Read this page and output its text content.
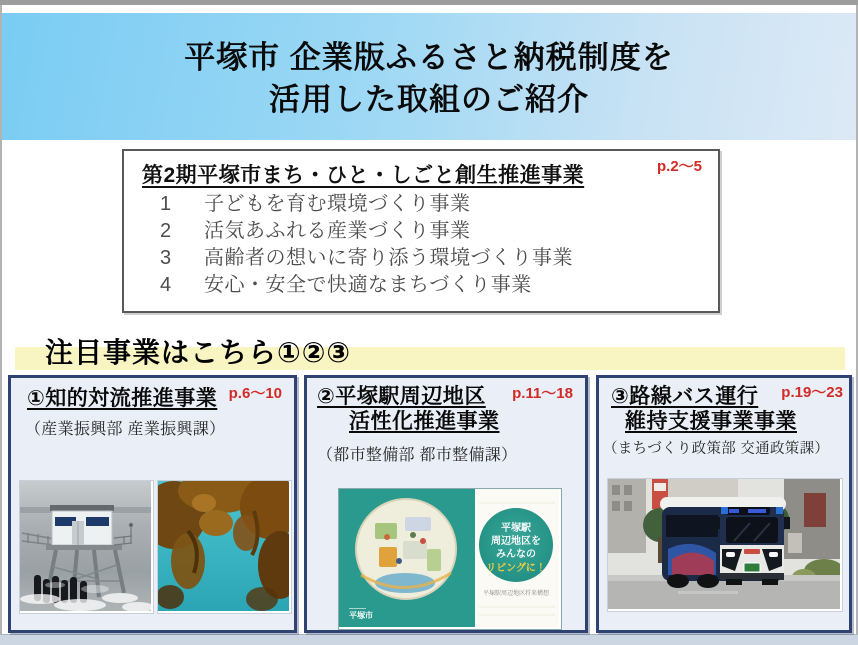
平塚市 企業版ふるさと納税制度を
活用した取組のご紹介
第2期平塚市まち・ひと・しごと創生推進事業	p.2～5
1 子どもを育む環境づくり事業
2 活気あふれる産業づくり事業
3 高齢者の想いに寄り添う環境づくり事業
4 安心・安全で快適なまちづくり事業
注目事業はこちら①②③
①知的対流推進事業 p.6～10
（産業振興部 産業振興課）
②平塚駅周辺地区
活性化推進事業
p.11～18
（都市整備部 都市整備課）
━━━━━━━
平塚市
平塚駅
周辺地区を
みんなの
リビングに！
平塚駅周辺地区将来構想
③路線バス運行
維持支援事業事業
p.19～23
（まちづくり政策部 交通政策課）
